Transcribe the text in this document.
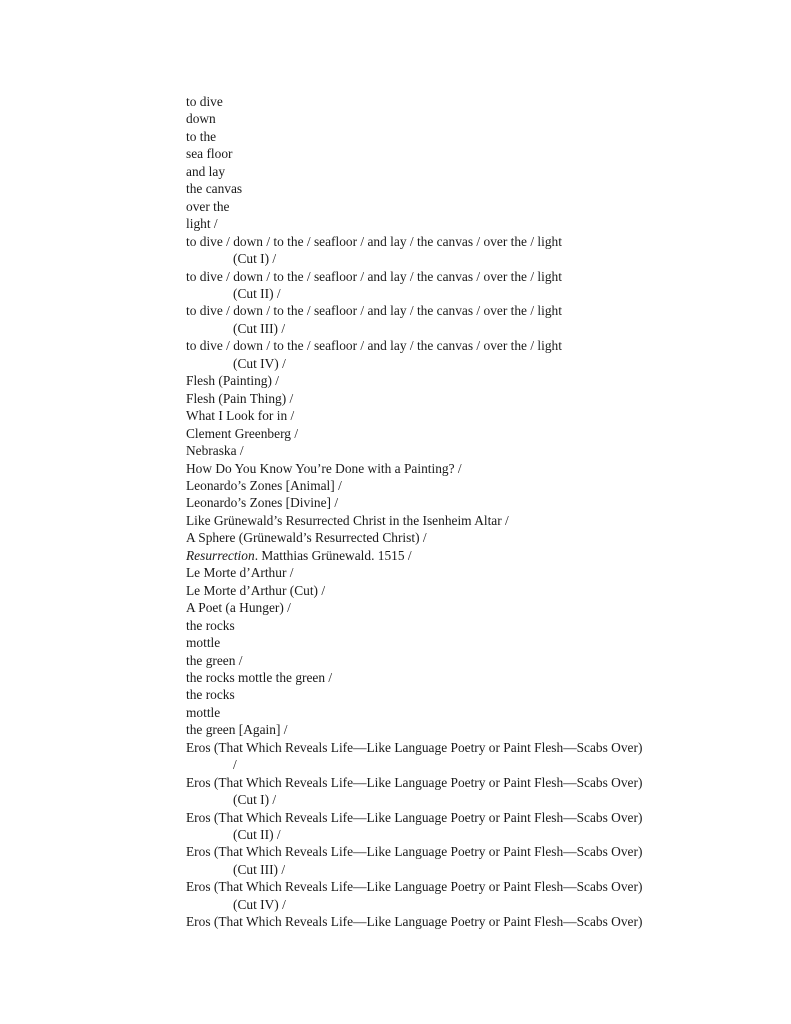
to dive
down
to the
sea floor
and lay
the canvas
over the
light /
to dive / down / to the / seafloor / and lay / the canvas / over the / light
(Cut I) /
to dive / down / to the / seafloor / and lay / the canvas / over the / light
(Cut II) /
to dive / down / to the / seafloor / and lay / the canvas / over the / light
(Cut III) /
to dive / down / to the / seafloor / and lay / the canvas / over the / light
(Cut IV) /
Flesh (Painting) /
Flesh (Pain Thing) /
What I Look for in /
Clement Greenberg /
Nebraska /
How Do You Know You’re Done with a Painting? /
Leonardo’s Zones [Animal] /
Leonardo’s Zones [Divine] /
Like Grünewald’s Resurrected Christ in the Isenheim Altar /
A Sphere (Grünewald’s Resurrected Christ) /
Resurrection. Matthias Grünewald. 1515 /
Le Morte d’Arthur /
Le Morte d’Arthur (Cut) /
A Poet (a Hunger) /
the rocks
mottle
the green /
the rocks mottle the green /
the rocks
mottle
the green [Again] /
Eros (That Which Reveals Life—Like Language Poetry or Paint Flesh—Scabs Over)
/
Eros (That Which Reveals Life—Like Language Poetry or Paint Flesh—Scabs Over)
(Cut I) /
Eros (That Which Reveals Life—Like Language Poetry or Paint Flesh—Scabs Over)
(Cut II) /
Eros (That Which Reveals Life—Like Language Poetry or Paint Flesh—Scabs Over)
(Cut III) /
Eros (That Which Reveals Life—Like Language Poetry or Paint Flesh—Scabs Over)
(Cut IV) /
Eros (That Which Reveals Life—Like Language Poetry or Paint Flesh—Scabs Over)
